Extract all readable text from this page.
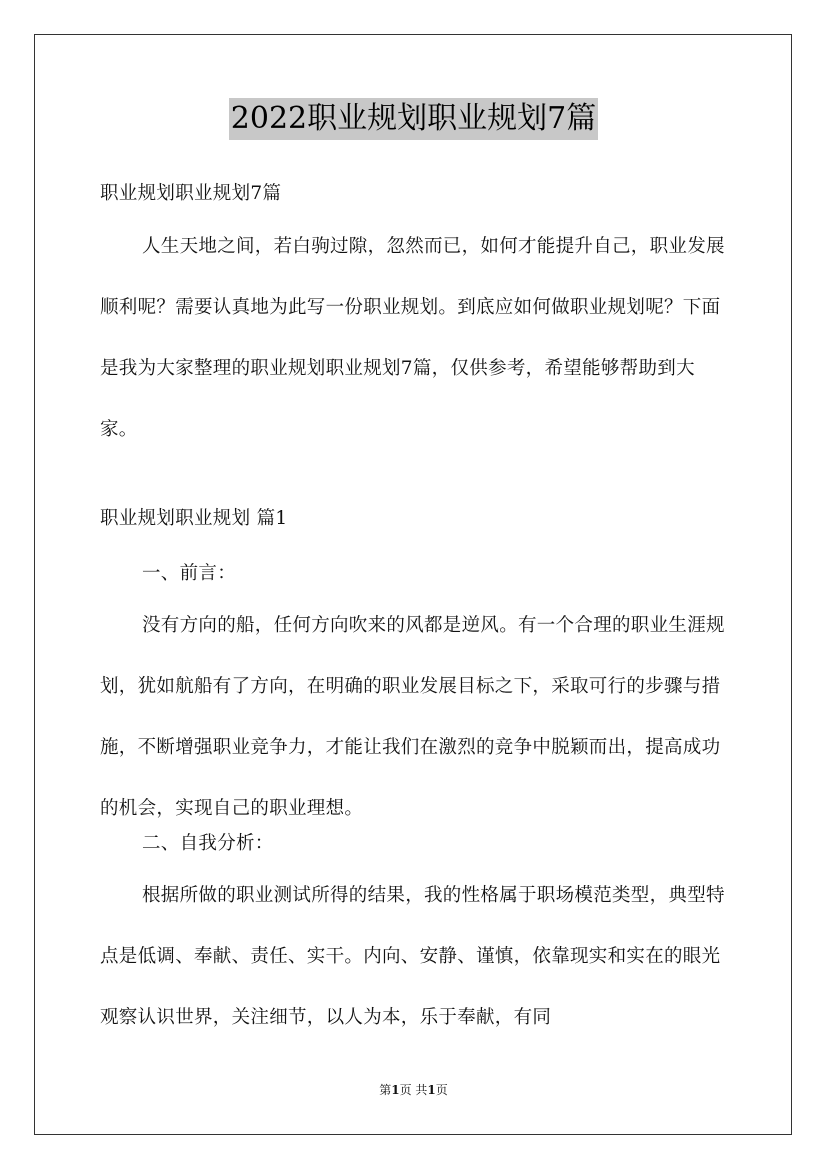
2022职业规划职业规划7篇

职业规划职业规划7篇

人生天地之间，若白驹过隙，忽然而已，如何才能提升自己，职业发展顺利呢？需要认真地为此写一份职业规划。到底应如何做职业规划呢？下面是我为大家整理的职业规划职业规划7篇，仅供参考，希望能够帮助到大家。

职业规划职业规划 篇1

一、前言：

没有方向的船，任何方向吹来的风都是逆风。有一个合理的职业生涯规划，犹如航船有了方向，在明确的职业发展目标之下，采取可行的步骤与措施，不断增强职业竞争力，才能让我们在激烈的竞争中脱颖而出，提高成功的机会，实现自己的职业理想。

二、自我分析：

根据所做的职业测试所得的结果，我的性格属于职场模范类型，典型特点是低调、奉献、责任、实干。内向、安静、谨慎，依靠现实和实在的眼光观察认识世界，关注细节，以人为本，乐于奉献，有同

第1页 共1页
